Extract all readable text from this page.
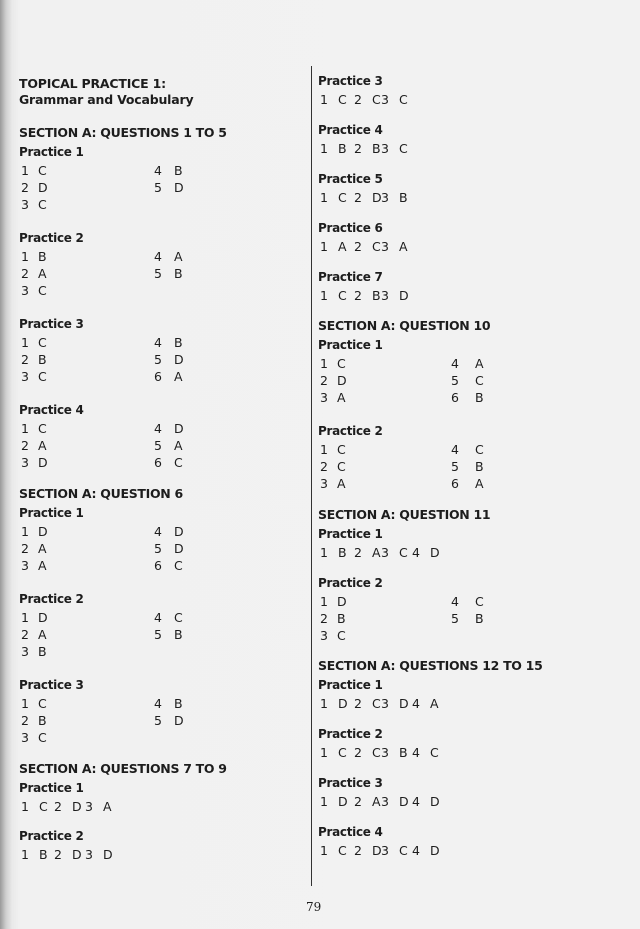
TOPICAL PRACTICE 1:
Grammar and Vocabulary
SECTION A: QUESTIONS 1 TO 5
Practice 1
1 C	4 B
2 D	5 D
3 C
Practice 2
1 B	4 A
2 A	5 B
3 C
Practice 3
1 C	4 B
2 B	5 D
3 C	6 A
Practice 4
1 C	4 D
2 A	5 A
3 D	6 C
SECTION A: QUESTION 6
Practice 1
1 D	4 D
2 A	5 D
3 A	6 C
Practice 2
1 D	4 C
2 A	5 B
3 B
Practice 3
1 C	4 B
2 B	5 D
3 C
SECTION A: QUESTIONS 7 TO 9
Practice 1
1 C 2 D 3 A
Practice 2
1 B 2 D 3 D
Practice 3
1 C 2 C 3 C
Practice 4
1 B 2 B 3 C
Practice 5
1 C 2 D 3 B
Practice 6
1 A 2 C 3 A
Practice 7
1 C 2 B 3 D
SECTION A: QUESTION 10
Practice 1
1 C	4 A
2 D	5 C
3 A	6 B
Practice 2
1 C	4 C
2 C	5 B
3 A	6 A
SECTION A: QUESTION 11
Practice 1
1 B 2 A 3 C 4 D
Practice 2
1 D	4 C
2 B	5 B
3 C
SECTION A: QUESTIONS 12 TO 15
Practice 1
1 D 2 C 3 D 4 A
Practice 2
1 C 2 C 3 B 4 C
Practice 3
1 D 2 A 3 D 4 D
Practice 4
1 C 2 D 3 C 4 D
79
